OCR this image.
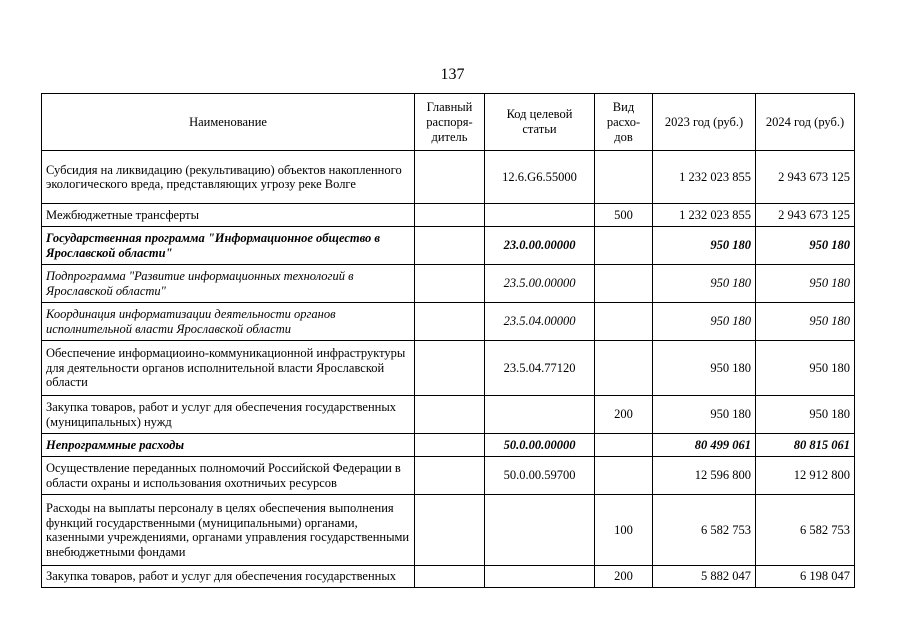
137
Наименование	Главный распоря-дитель	Код целевой статьи	Вид расхо-дов	2023 год (руб.)	2024 год (руб.)
Субсидия на ликвидацию (рекультивацию) объектов накопленного экологического вреда, представляющих угрозу реке Волге		12.6.G6.55000		1 232 023 855	2 943 673 125
Межбюджетные трансферты			500	1 232 023 855	2 943 673 125
Государственная программа "Информационное общество в Ярославской области"		23.0.00.00000		950 180	950 180
Подпрограмма "Развитие информационных технологий в Ярославской области"		23.5.00.00000		950 180	950 180
Координация информатизации деятельности органов исполнительной власти Ярославской области		23.5.04.00000		950 180	950 180
Обеспечение информациоино-коммуникационной инфраструктуры для деятельности органов исполнительной власти Ярославской области		23.5.04.77120		950 180	950 180
Закупка товаров, работ и услуг для обеспечения государственных (муниципальных) нужд			200	950 180	950 180
Непрограммные расходы		50.0.00.00000		80 499 061	80 815 061
Осуществление переданных полномочий Российской Федерации в области охраны и использования охотничьих ресурсов		50.0.00.59700		12 596 800	12 912 800
Расходы на выплаты персоналу в целях обеспечения выполнения функций государственными (муниципальными) органами, казенными учреждениями, органами управления государственными внебюджетными фондами			100	6 582 753	6 582 753
Закупка товаров, работ и услуг для обеспечения государственных			200	5 882 047	6 198 047
